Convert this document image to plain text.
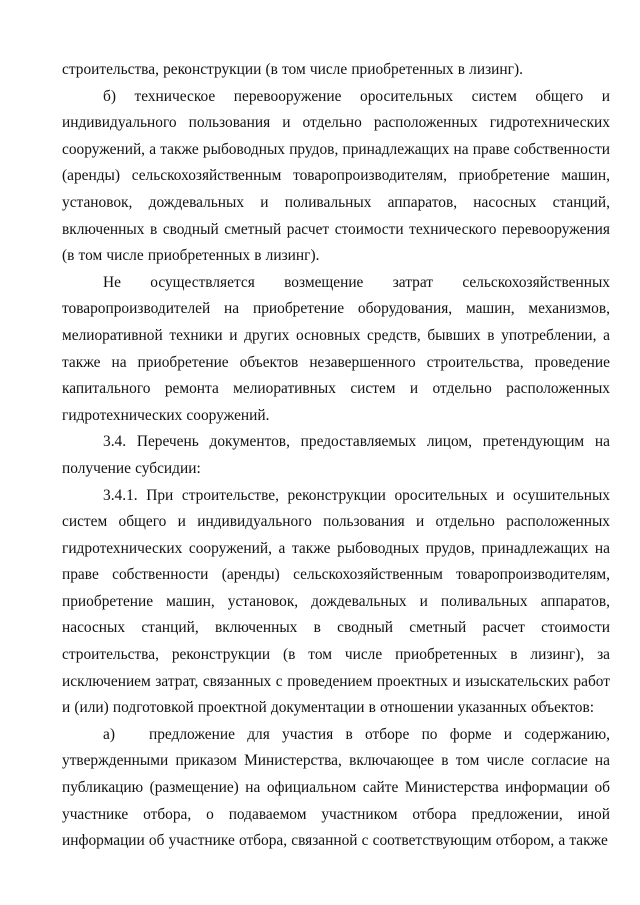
строительства, реконструкции (в том числе приобретенных в лизинг).

б) техническое перевооружение оросительных систем общего и индивидуального пользования и отдельно расположенных гидротехнических сооружений, а также рыбоводных прудов, принадлежащих на праве собственности (аренды) сельскохозяйственным товаропроизводителям, приобретение машин, установок, дождевальных и поливальных аппаратов, насосных станций, включенных в сводный сметный расчет стоимости технического перевооружения (в том числе приобретенных в лизинг).

Не осуществляется возмещение затрат сельскохозяйственных товаропроизводителей на приобретение оборудования, машин, механизмов, мелиоративной техники и других основных средств, бывших в употреблении, а также на приобретение объектов незавершенного строительства, проведение капитального ремонта мелиоративных систем и отдельно расположенных гидротехнических сооружений.

3.4. Перечень документов, предоставляемых лицом, претендующим на получение субсидии:

3.4.1. При строительстве, реконструкции оросительных и осушительных систем общего и индивидуального пользования и отдельно расположенных гидротехнических сооружений, а также рыбоводных прудов, принадлежащих на праве собственности (аренды) сельскохозяйственным товаропроизводителям, приобретение машин, установок, дождевальных и поливальных аппаратов, насосных станций, включенных в сводный сметный расчет стоимости строительства, реконструкции (в том числе приобретенных в лизинг), за исключением затрат, связанных с проведением проектных и изыскательских работ и (или) подготовкой проектной документации в отношении указанных объектов:

а) предложение для участия в отборе по форме и содержанию, утвержденными приказом Министерства, включающее в том числе согласие на публикацию (размещение) на официальном сайте Министерства информации об участнике отбора, о подаваемом участником отбора предложении, иной информации об участнике отбора, связанной с соответствующим отбором, а также
